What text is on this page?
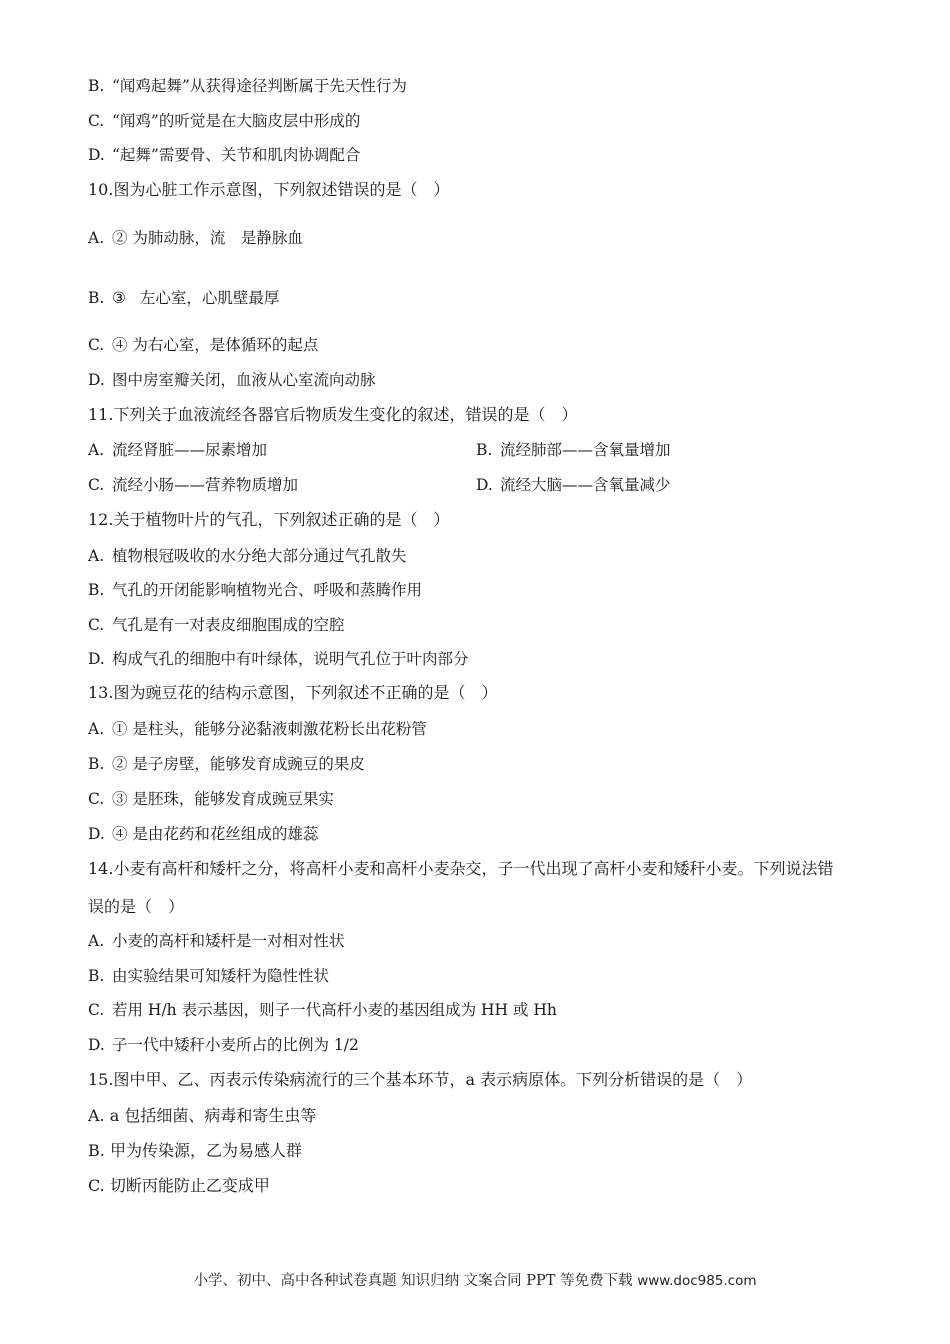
B. “闻鸡起舞”从获得途径判断属于先天性行为
C. “闻鸡”的听觉是在大脑皮层中形成的
D. “起舞”需要骨、关节和肌肉协调配合
10.图为心脏工作示意图，下列叙述错误的是（　）
A. ② 为肺动脉，流　是静脉血
B. ③ 左心室，心肌壁最厚
C. ④ 为右心室，是体循环的起点
D. 图中房室瓣关闭，血液从心室流向动脉
11.下列关于血液流经各器官后物质发生变化的叙述，错误的是（　）
A. 流经肾脏——尿素增加	B. 流经肺部——含氧量增加
C. 流经小肠——营养物质增加	D. 流经大脑——含氧量减少
12.关于植物叶片的气孔，下列叙述正确的是（　）
A. 植物根冠吸收的水分绝大部分通过气孔散失
B. 气孔的开闭能影响植物光合、呼吸和蒸腾作用
C. 气孔是有一对表皮细胞围成的空腔
D. 构成气孔的细胞中有叶绿体，说明气孔位于叶肉部分
13.图为豌豆花的结构示意图，下列叙述不正确的是（　）
A. ① 是柱头，能够分泌黏液刺激花粉长出花粉管
B. ② 是子房壁，能够发育成豌豆的果皮
C. ③ 是胚珠，能够发育成豌豆果实
D. ④ 是由花药和花丝组成的雄蕊
14.小麦有高杆和矮杆之分，将高杆小麦和高杆小麦杂交，子一代出现了高杆小麦和矮秆小麦。下列说法错
误的是（　）
A. 小麦的高杆和矮杆是一对相对性状
B. 由实验结果可知矮杆为隐性性状
C. 若用 H/h 表示基因，则子一代高杆小麦的基因组成为 HH 或 Hh
D. 子一代中矮秆小麦所占的比例为 1/2
15.图中甲、乙、丙表示传染病流行的三个基本环节，a 表示病原体。下列分析错误的是（　）
A. a 包括细菌、病毒和寄生虫等
B. 甲为传染源，乙为易感人群
C. 切断丙能防止乙变成甲
小学、初中、高中各种试卷真题 知识归纳 文案合同 PPT 等免费下载 www.doc985.com
